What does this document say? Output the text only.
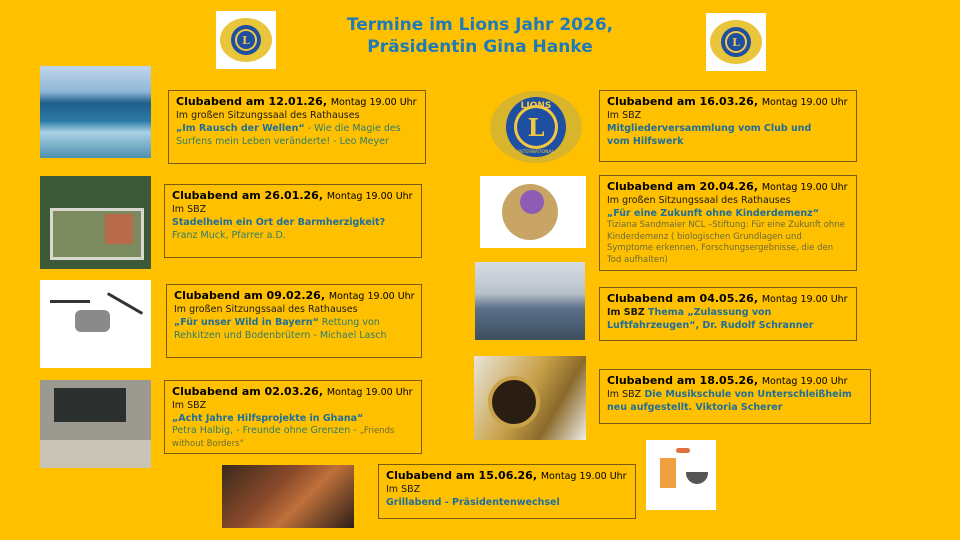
Termine im Lions Jahr 2026,
Präsidentin Gina Hanke
L	L
L
LIONS
INTERNATIONAL
Clubabend am 12.01.26, Montag 19.00 Uhr
Im großen Sitzungssaal des Rathauses
„Im Rausch der Wellen“ - Wie die Magie des Surfens mein Leben veränderte! - Leo Meyer
Clubabend am 26.01.26, Montag 19.00 Uhr
Im SBZ
Stadelheim ein Ort der Barmherzigkeit?
Franz Muck, Pfarrer a.D.
Clubabend am 09.02.26, Montag 19.00 Uhr
Im großen Sitzungssaal des Rathauses
„Für unser Wild in Bayern“ Rettung von Rehkitzen und Bodenbrütern - Michael Lasch
Clubabend am 02.03.26, Montag 19.00 Uhr
Im SBZ
„Acht Jahre Hilfsprojekte in Ghana“
Petra Halbig, - Freunde ohne Grenzen - „Friends without Borders“
Clubabend am 15.06.26, Montag 19.00 Uhr
Im SBZ
Grillabend - Präsidentenwechsel
Clubabend am 16.03.26, Montag 19.00 Uhr
Im SBZ
Mitgliederversammlung vom Club und vom Hilfswerk
Clubabend am 20.04.26, Montag 19.00 Uhr
Im großen Sitzungssaal des Rathauses
„Für eine Zukunft ohne Kinderdemenz“
Tiziana Sandmaier NCL –Stiftung: Für eine Zukunft ohne Kinderdemenz ( biologischen Grundlagen und Symptome erkennen, Forschungsergebnisse, die den Tod aufhalten)
Clubabend am 04.05.26, Montag 19.00 Uhr
Im SBZ Thema „Zulassung von Luftfahrzeugen“, Dr. Rudolf Schranner
Clubabend am 18.05.26, Montag 19.00 Uhr
Im SBZ Die Musikschule von Unterschleißheim neu aufgestellt. Viktoria Scherer
